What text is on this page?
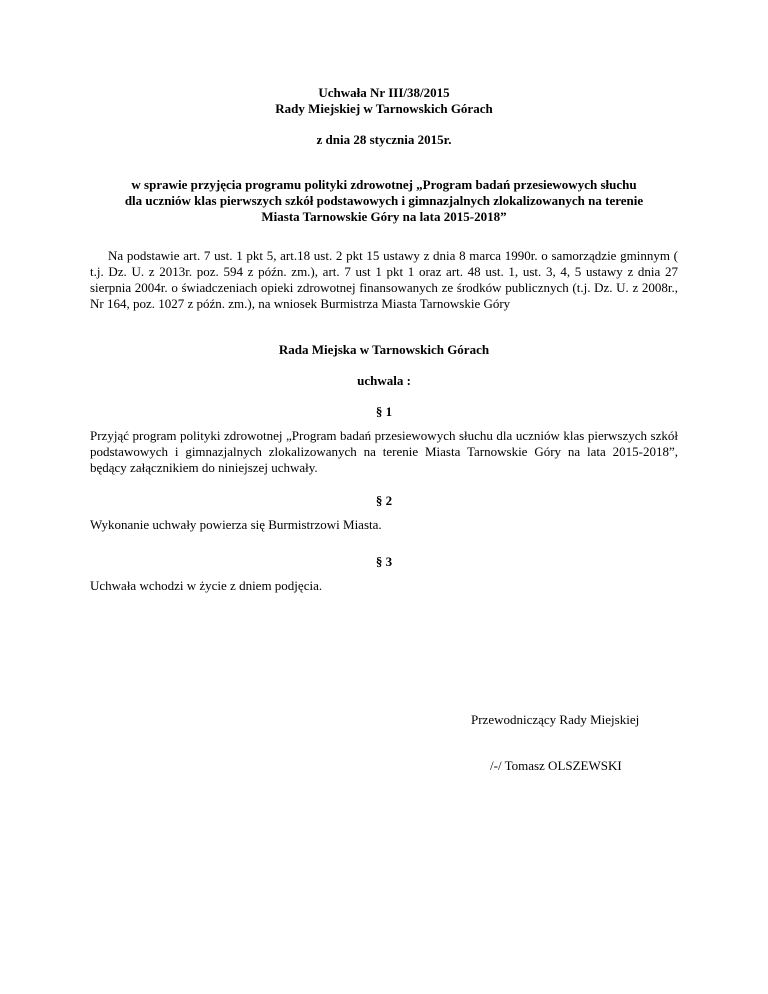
Uchwała Nr III/38/2015
Rady Miejskiej w Tarnowskich Górach
z dnia 28 stycznia 2015r.
w sprawie przyjęcia programu polityki zdrowotnej „Program badań przesiewowych słuchu
dla uczniów klas pierwszych szkół podstawowych i gimnazjalnych zlokalizowanych na terenie
Miasta Tarnowskie Góry na lata 2015-2018”
Na podstawie art. 7 ust. 1 pkt 5, art.18 ust. 2 pkt 15 ustawy z dnia 8 marca 1990r. o samorządzie gminnym ( t.j. Dz. U. z 2013r. poz. 594 z późn. zm.), art. 7 ust 1 pkt 1 oraz art. 48 ust. 1, ust. 3, 4, 5 ustawy z dnia 27 sierpnia 2004r. o świadczeniach opieki zdrowotnej finansowanych ze środków publicznych (t.j. Dz. U. z 2008r., Nr 164, poz. 1027 z późn. zm.), na wniosek Burmistrza Miasta Tarnowskie Góry
Rada Miejska w Tarnowskich Górach
uchwala :
§ 1
Przyjąć program polityki zdrowotnej „Program badań przesiewowych słuchu dla uczniów klas pierwszych szkół podstawowych i gimnazjalnych zlokalizowanych na terenie Miasta Tarnowskie Góry na lata 2015-2018”, będący załącznikiem do niniejszej uchwały.
§ 2
Wykonanie uchwały powierza się Burmistrzowi Miasta.
§ 3
Uchwała wchodzi w życie z dniem podjęcia.
Przewodniczący Rady Miejskiej
/-/ Tomasz OLSZEWSKI
